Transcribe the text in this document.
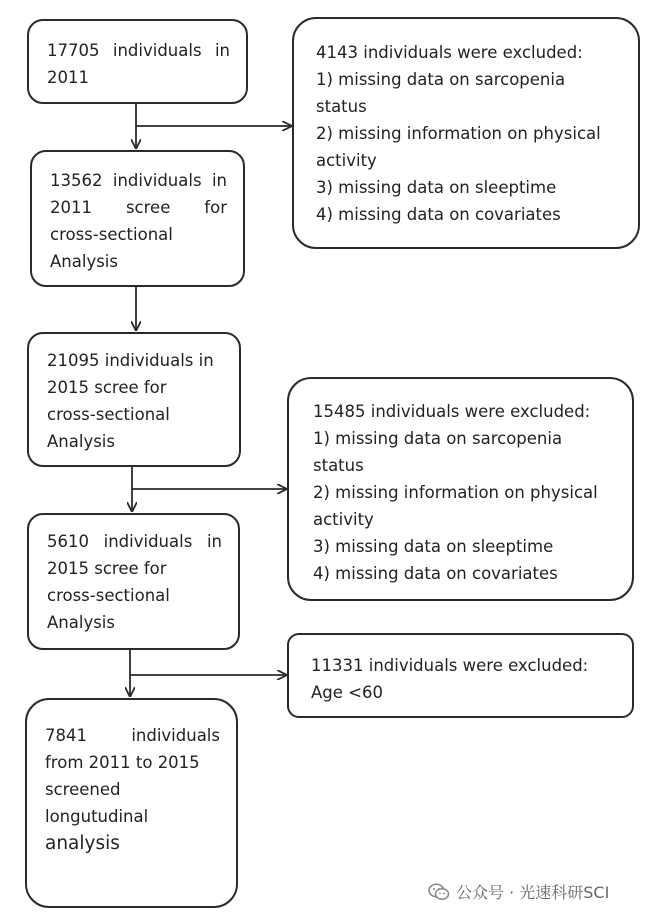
17705 individuals in
2011
4143 individuals were excluded:
1) missing data on sarcopenia
status
2) missing information on physical
activity
3) missing data on sleeptime
4) missing data on covariates
13562 individuals in
2011 scree for
cross-sectional
Analysis
21095 individuals in
2015 scree for
cross-sectional
Analysis
15485 individuals were excluded:
1) missing data on sarcopenia
status
2) missing information on physical
activity
3) missing data on sleeptime
4) missing data on covariates
5610 individuals in
2015 scree for
cross-sectional
Analysis
11331 individuals were excluded:
Age <60
7841 individuals
from 2011 to 2015
screened
longutudinal
analysis
公众号 · 光速科研SCI
